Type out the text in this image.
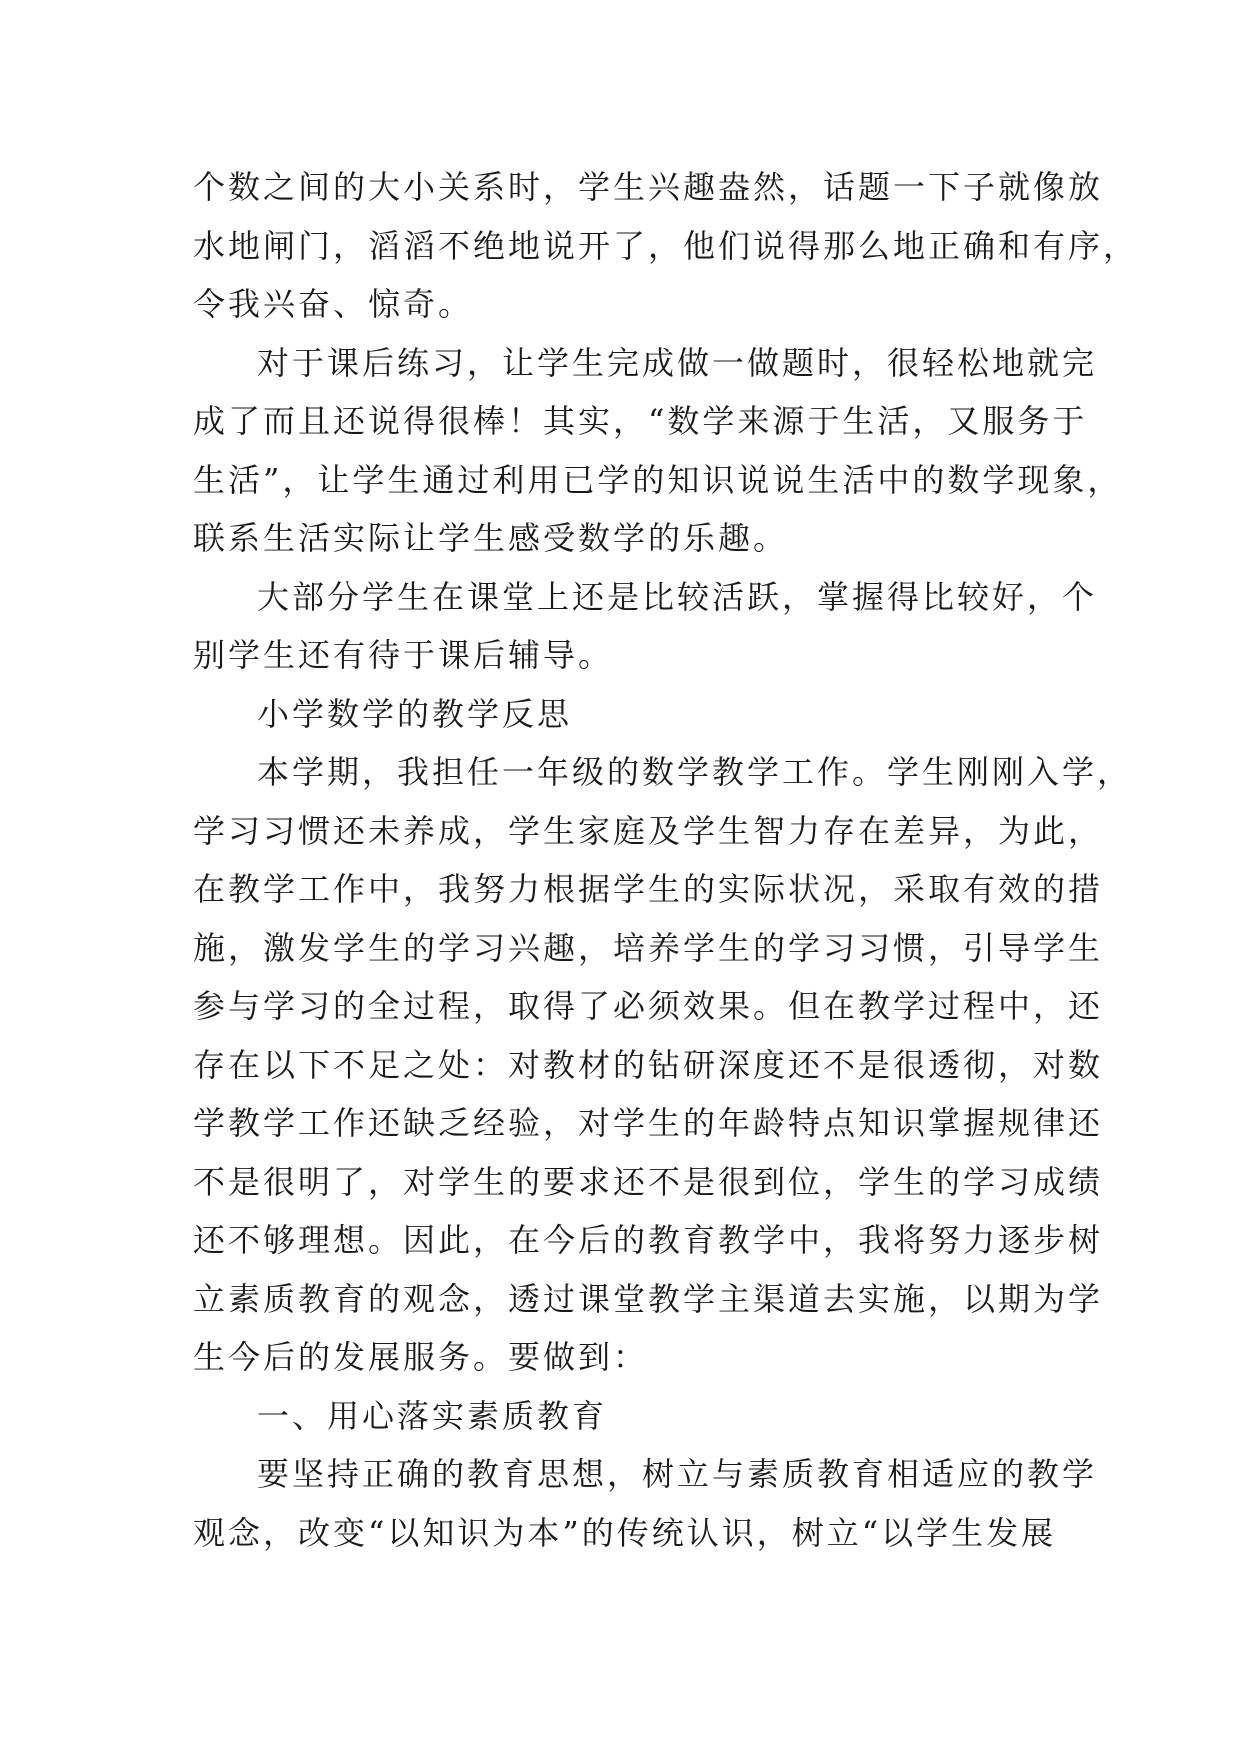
个数之间的大小关系时，学生兴趣盎然，话题一下子就像放
水地闸门，滔滔不绝地说开了，他们说得那么地正确和有序，
令我兴奋、惊奇。
对于课后练习，让学生完成做一做题时，很轻松地就完
成了而且还说得很棒！其实，“数学来源于生活，又服务于
生活”，让学生通过利用已学的知识说说生活中的数学现象，
联系生活实际让学生感受数学的乐趣。
大部分学生在课堂上还是比较活跃，掌握得比较好，个
别学生还有待于课后辅导。
小学数学的教学反思
本学期，我担任一年级的数学教学工作。学生刚刚入学，
学习习惯还未养成，学生家庭及学生智力存在差异，为此，
在教学工作中，我努力根据学生的实际状况，采取有效的措
施，激发学生的学习兴趣，培养学生的学习习惯，引导学生
参与学习的全过程，取得了必须效果。但在教学过程中，还
存在以下不足之处：对教材的钻研深度还不是很透彻，对数
学教学工作还缺乏经验，对学生的年龄特点知识掌握规律还
不是很明了，对学生的要求还不是很到位，学生的学习成绩
还不够理想。因此，在今后的教育教学中，我将努力逐步树
立素质教育的观念，透过课堂教学主渠道去实施，以期为学
生今后的发展服务。要做到：
一、用心落实素质教育
要坚持正确的教育思想，树立与素质教育相适应的教学
观念，改变“以知识为本”的传统认识，树立“以学生发展
